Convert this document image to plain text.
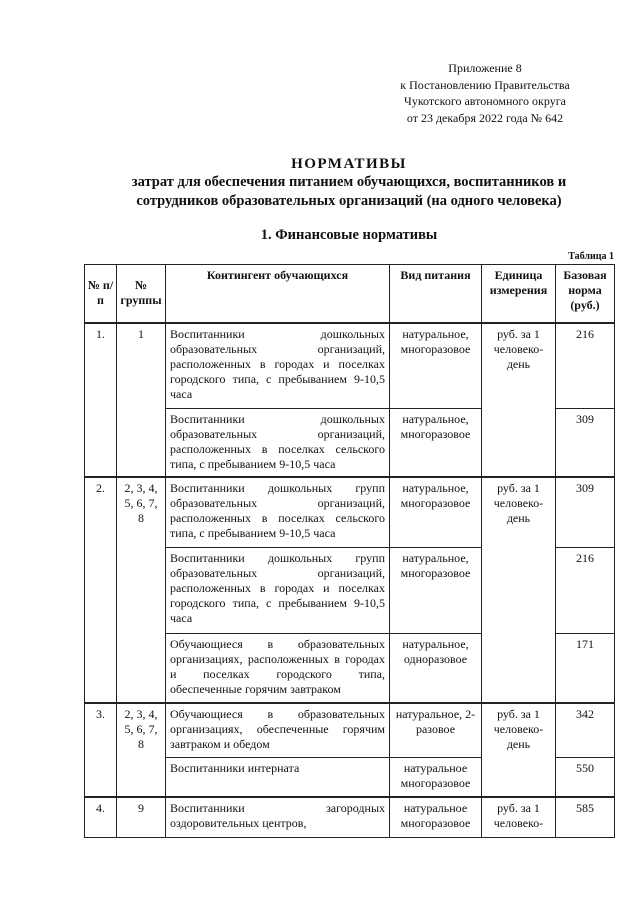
Приложение 8
к Постановлению Правительства
Чукотского автономного округа
от 23 декабря 2022 года № 642
НОРМАТИВЫ
затрат для обеспечения питанием обучающихся, воспитанников и
сотрудников образовательных организаций (на одного человека)
1. Финансовые нормативы
Таблица 1
№ п/п	№ группы	Контингент обучающихся	Вид питания	Единица измерения	Базовая норма (руб.)
1.	1	Воспитанники дошкольных образовательных организаций, расположенных в городах и поселках городского типа, с пребыванием 9-10,5 часа	натуральное, многоразовое	руб. за 1 человеко-день	216
		Воспитанники дошкольных образовательных организаций, расположенных в поселках сельского типа, с пребыванием 9-10,5 часа	натуральное, многоразовое		309
2.	2, 3, 4, 5, 6, 7, 8	Воспитанники дошкольных групп образовательных организаций, расположенных в поселках сельского типа, с пребыванием 9-10,5 часа	натуральное, многоразовое	руб. за 1 человеко-день	309
		Воспитанники дошкольных групп образовательных организаций, расположенных в городах и поселках городского типа, с пребыванием 9-10,5 часа	натуральное, многоразовое		216
		Обучающиеся в образовательных организациях, расположенных в городах и поселках городского типа, обеспеченные горячим завтраком	натуральное, одноразовое		171
3.	2, 3, 4, 5, 6, 7, 8	Обучающиеся в образовательных организациях, обеспеченные горячим завтраком и обедом	натуральное, 2-разовое	руб. за 1 человеко-день	342
		Воспитанники интерната	натуральное многоразовое		550
4.	9	Воспитанники загородных оздоровительных центров,	натуральное многоразовое	руб. за 1 человеко-	585
